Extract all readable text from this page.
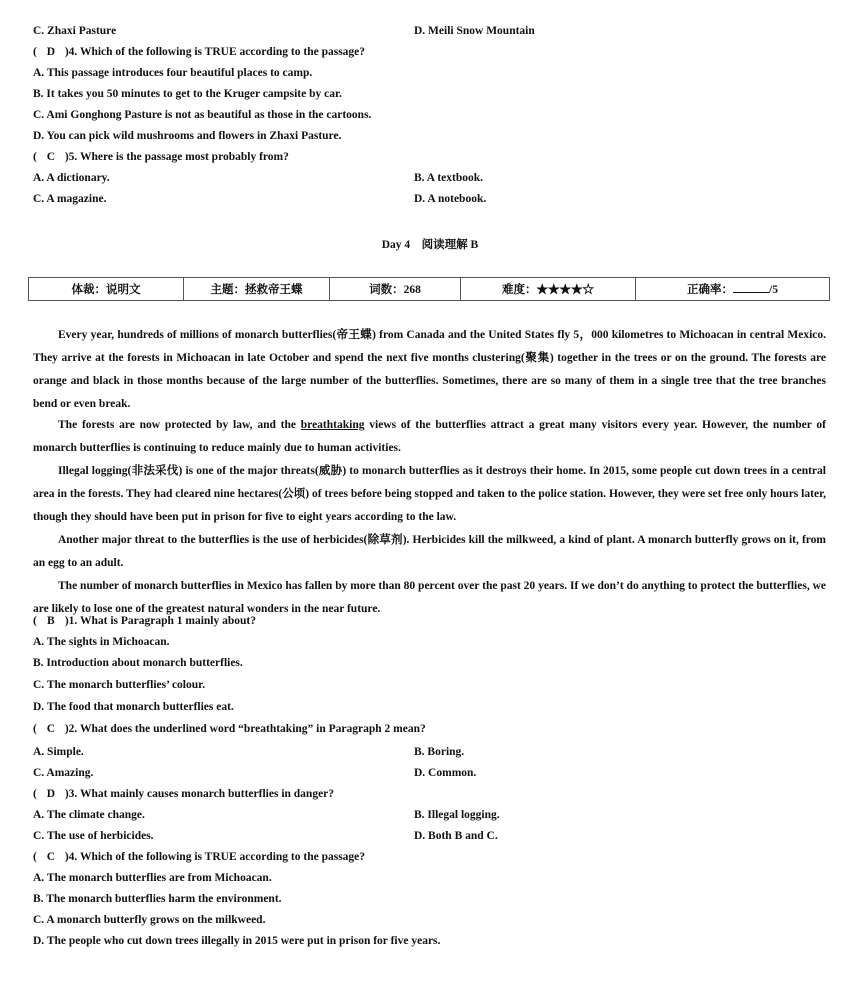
C. Zhaxi Pasture	D. Meili Snow Mountain
( D )4. Which of the following is TRUE according to the passage?
A. This passage introduces four beautiful places to camp.
B. It takes you 50 minutes to get to the Kruger campsite by car.
C. Ami Gonghong Pasture is not as beautiful as those in the cartoons.
D. You can pick wild mushrooms and flowers in Zhaxi Pasture.
( C )5. Where is the passage most probably from?
A. A dictionary.	B. A textbook.
C. A magazine.	D. A notebook.
Day 4　阅读理解 B
体裁：说明文	主题：拯救帝王蝶	词数：268	难度：★★★★☆	正确率：	/5

Every year, hundreds of millions of monarch butterflies(帝王蝶) from Canada and the United States fly 5，000 kilometres to Michoacan in central Mexico. They arrive at the forests in Michoacan in late October and spend the next five months clustering(聚集) together in the trees or on the ground. The forests are orange and black in those months because of the large number of the butterflies. Sometimes, there are so many of them in a single tree that the tree branches bend or even break.

The forests are now protected by law, and the breathtaking views of the butterflies attract a great many visitors every year. However, the number of monarch butterflies is continuing to reduce mainly due to human activities.

Illegal logging(非法采伐) is one of the major threats(威胁) to monarch butterflies as it destroys their home. In 2015, some people cut down trees in a central area in the forests. They had cleared nine hectares(公顷) of trees before being stopped and taken to the police station. However, they were set free only hours later, though they should have been put in prison for five to eight years according to the law.

Another major threat to the butterflies is the use of herbicides(除草剂). Herbicides kill the milkweed, a kind of plant. A monarch butterfly grows on it, from an egg to an adult.

The number of monarch butterflies in Mexico has fallen by more than 80 percent over the past 20 years. If we don’t do anything to protect the butterflies, we are likely to lose one of the greatest natural wonders in the near future.

( B )1. What is Paragraph 1 mainly about?
A. The sights in Michoacan.
B. Introduction about monarch butterflies.
C. The monarch butterflies’ colour.
D. The food that monarch butterflies eat.
( C )2. What does the underlined word “breathtaking” in Paragraph 2 mean?
A. Simple.	B. Boring.
C. Amazing.	D. Common.
( D )3. What mainly causes monarch butterflies in danger?
A. The climate change.	B. Illegal logging.
C. The use of herbicides.	D. Both B and C.
( C )4. Which of the following is TRUE according to the passage?
A. The monarch butterflies are from Michoacan.
B. The monarch butterflies harm the environment.
C. A monarch butterfly grows on the milkweed.
D. The people who cut down trees illegally in 2015 were put in prison for five years.
